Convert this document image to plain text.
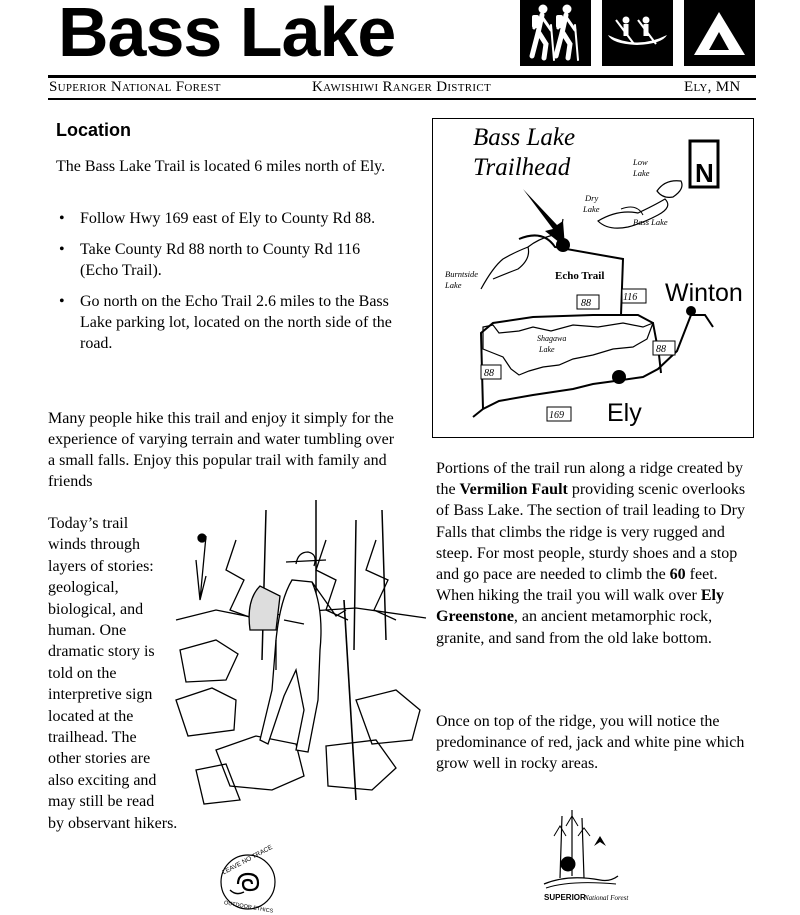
Bass Lake
Superior National Forest	Kawishiwi Ranger District	Ely, MN
Location
The Bass Lake Trail is located 6 miles north of Ely.
• Follow Hwy 169 east of Ely to County Rd 88.
• Take County Rd 88 north to County Rd 116 (Echo Trail).
• Go north on the Echo Trail 2.6 miles to the Bass Lake parking lot, located on the north side of the road.
Many people hike this trail and enjoy it simply for the experience of varying terrain and water tumbling over a small falls. Enjoy this popular trail with family and friends
Today’s trail
winds through
layers of stories:
geological,
biological, and
human. One
dramatic story is
told on the
interpretive sign
located at the
trailhead. The
other stories are
also exciting and
may still be read
by observant hikers.
Portions of the trail run along a ridge created by the Vermilion Fault providing scenic overlooks of Bass Lake. The section of trail leading to Dry Falls that climbs the ridge is very rugged and steep. For most people, sturdy shoes and a stop and go pace are needed to climb the 60 feet. When hiking the trail you will walk over Ely Greenstone, an ancient metamorphic rock, granite, and sand from the old lake bottom.
Once on top of the ridge, you will notice the predominance of red, jack and white pine which grow well in rocky areas.
Bass Lake
Trailhead	N
Low
Lake
Dry
Lake
Bass Lake
Burntside
Lake
Echo Trail
Shagawa
Lake
Winton
Ely
88
116
88
88
169
LEAVE NO TRACE
OUTDOOR ETHICS
SUPERIOR
National Forest
